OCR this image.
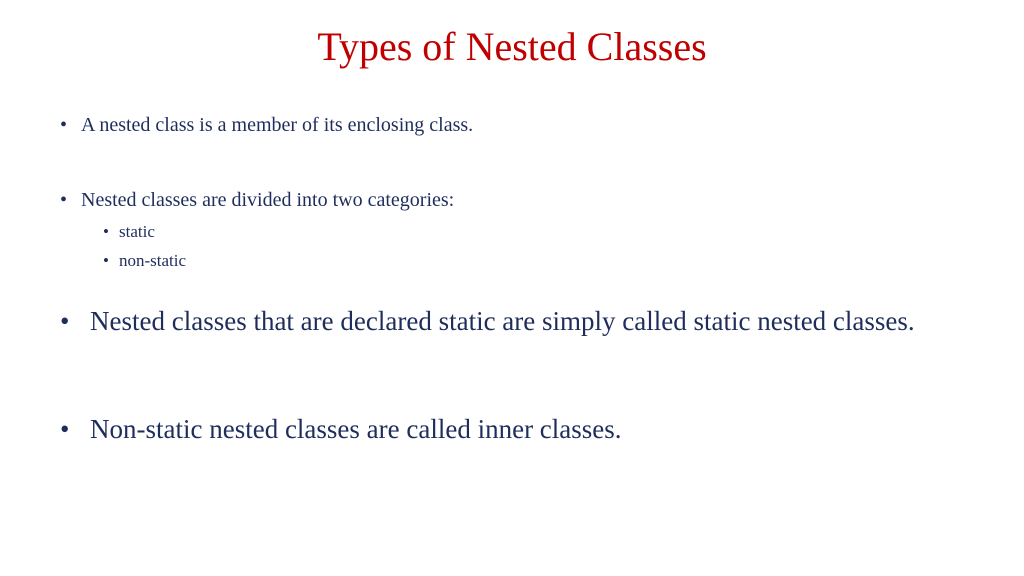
Types of Nested Classes
• A nested class is a member of its enclosing class.
• Nested classes are divided into two categories:
• static
• non-static
• Nested classes that are declared static are simply called static nested classes.
• Non-static nested classes are called inner classes.
